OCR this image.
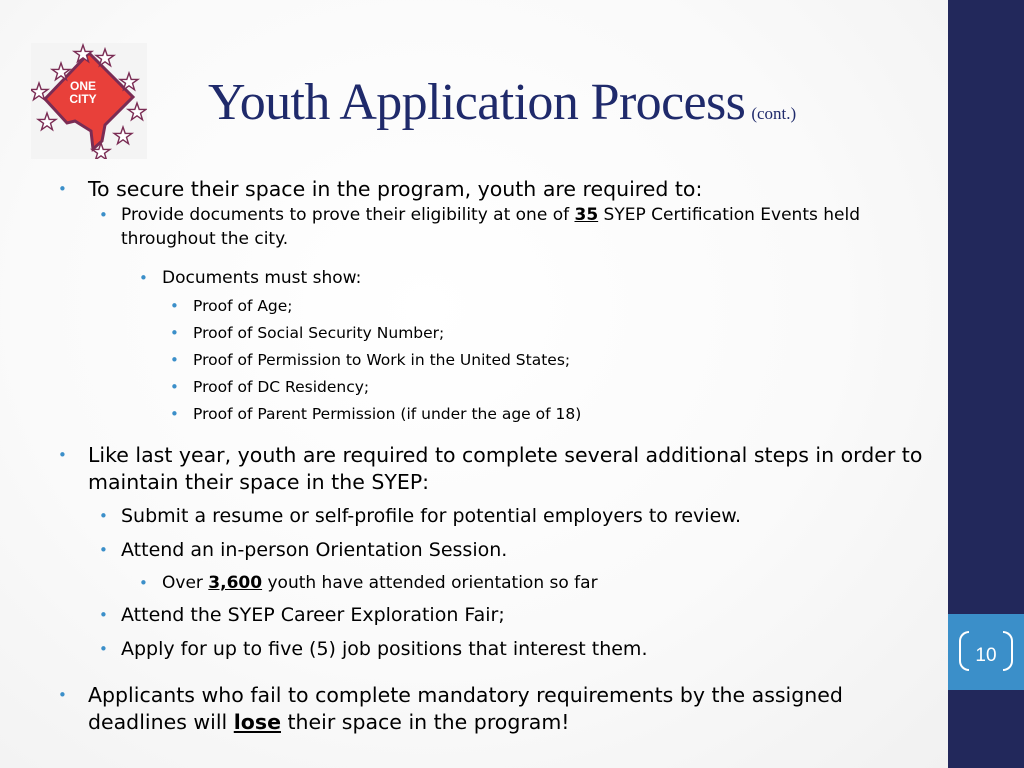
ONE
CITY Youth Application Process (cont.)

• To secure their space in the program, youth are required to:

• Provide documents to prove their eligibility at one of 35 SYEP Certification Events held throughout the city.

• Documents must show:

• Proof of Age;

• Proof of Social Security Number;

• Proof of Permission to Work in the United States;

• Proof of DC Residency;

• Proof of Parent Permission (if under the age of 18)

• Like last year, youth are required to complete several additional steps in order to maintain their space in the SYEP:

• Submit a resume or self-profile for potential employers to review.

• Attend an in-person Orientation Session.

• Over 3,600 youth have attended orientation so far

• Attend the SYEP Career Exploration Fair;

• Apply for up to five (5) job positions that interest them.

• Applicants who fail to complete mandatory requirements by the assigned deadlines will lose their space in the program!

10
